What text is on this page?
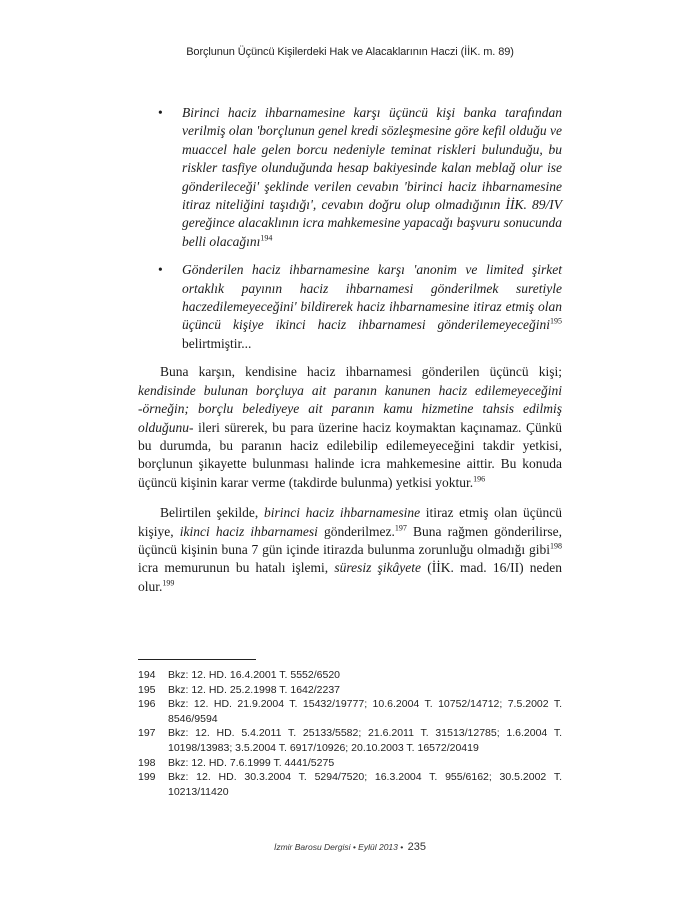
Borçlunun Üçüncü Kişilerdeki Hak ve Alacaklarının Haczi (İİK. m. 89)
• Birinci haciz ihbarnamesine karşı üçüncü kişi banka tarafından verilmiş olan 'borçlunun genel kredi sözleşmesine göre kefil olduğu ve muaccel hale gelen borcu nedeniyle teminat riskleri bulunduğu, bu riskler tasfiye olunduğunda hesap bakiyesinde kalan meblağ olur ise gönderileceği' şeklinde verilen cevabın 'birinci haciz ihbarnamesine itiraz niteliğini taşıdığı', cevabın doğru olup olmadığının İİK. 89/IV gereğince alacaklının icra mahkemesine yapacağı başvuru sonucunda belli olacağını$^{194}$
• Gönderilen haciz ihbarnamesine karşı 'anonim ve limited şirket ortaklık payının haciz ihbarnamesi gönderilmek suretiyle haczedilemeyeceğini' bildirerek haciz ihbarnamesine itiraz etmiş olan üçüncü kişiye ikinci haciz ihbarnamesi gönderilemeyeceğini$^{195}$ belirtmiştir...

Buna karşın, kendisine haciz ihbarnamesi gönderilen üçüncü kişi; kendisinde bulunan borçluya ait paranın kanunen haciz edilemeyeceğini -örneğin; borçlu belediyeye ait paranın kamu hizmetine tahsis edilmiş olduğunu- ileri sürerek, bu para üzerine haciz koymaktan kaçınamaz. Çünkü bu durumda, bu paranın haciz edilebilip edilemeyeceğini takdir yetkisi, borçlunun şikayette bulunması halinde icra mahkemesine aittir. Bu konuda üçüncü kişinin karar verme (takdirde bulunma) yetkisi yoktur.$^{196}$

Belirtilen şekilde, birinci haciz ihbarnamesine itiraz etmiş olan üçüncü kişiye, ikinci haciz ihbarnamesi gönderilmez.$^{197}$ Buna rağmen gönderilirse, üçüncü kişinin buna 7 gün içinde itirazda bulunma zorunluğu olmadığı gibi$^{198}$ icra memurunun bu hatalı işlemi, süresiz şikâyete (İİK. mad. 16/II) neden olur.$^{199}$

194 Bkz: 12. HD. 16.4.2001 T. 5552/6520
195 Bkz: 12. HD. 25.2.1998 T. 1642/2237
196 Bkz: 12. HD. 21.9.2004 T. 15432/19777; 10.6.2004 T. 10752/14712; 7.5.2002 T. 8546/9594
197 Bkz: 12. HD. 5.4.2011 T. 25133/5582; 21.6.2011 T. 31513/12785; 1.6.2004 T. 10198/13983; 3.5.2004 T. 6917/10926; 20.10.2003 T. 16572/20419
198 Bkz: 12. HD. 7.6.1999 T. 4441/5275
199 Bkz: 12. HD. 30.3.2004 T. 5294/7520; 16.3.2004 T. 955/6162; 30.5.2002 T. 10213/11420
İzmir Barosu Dergisi • Eylül 2013 • 235
